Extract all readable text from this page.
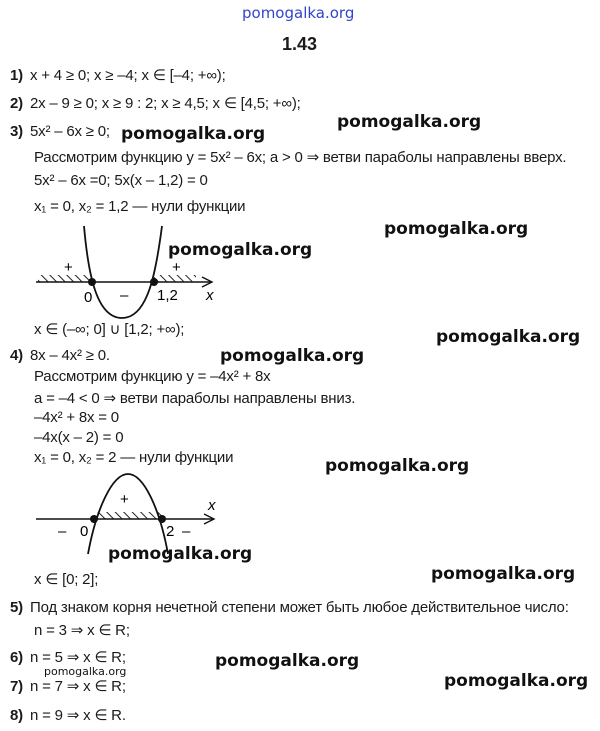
pomogalka.org
pomogalka.org
pomogalka.org
pomogalka.org
pomogalka.org
pomogalka.org
pomogalka.org
pomogalka.org
pomogalka.org
pomogalka.org
pomogalka.org
pomogalka.org	pomogalka.org
1.43
1) x + 4 ≥ 0; x ≥ –4; x ∈ [–4; +∞);
2) 2x – 9 ≥ 0; x ≥ 9 : 2; x ≥ 4,5; x ∈ [4,5; +∞);
3) 5x² – 6x ≥ 0;
Рассмотрим функцию y = 5x² – 6x; a > 0 ⇒ ветви параболы направлены вверх.
5x² – 6x =0; 5x(x – 1,2) = 0
x₁ = 0, x₂ = 1,2 — нули функции
+	+
–
0	1,2 x
x ∈ (–∞; 0] ∪ [1,2; +∞);
4) 8x – 4x² ≥ 0.
Рассмотрим функцию y = –4x² + 8x
a = –4 < 0 ⇒ ветви параболы направлены вниз.
–4x² + 8x = 0
–4x(x – 2) = 0
x₁ = 0, x₂ = 2 — нули функции
+
– 0	2 –
x
x ∈ [0; 2];
5) Под знаком корня нечетной степени может быть любое действительное число:
n = 3 ⇒ x ∈ R;
6) n = 5 ⇒ x ∈ R;
7) n = 7 ⇒ x ∈ R;
8) n = 9 ⇒ x ∈ R.
